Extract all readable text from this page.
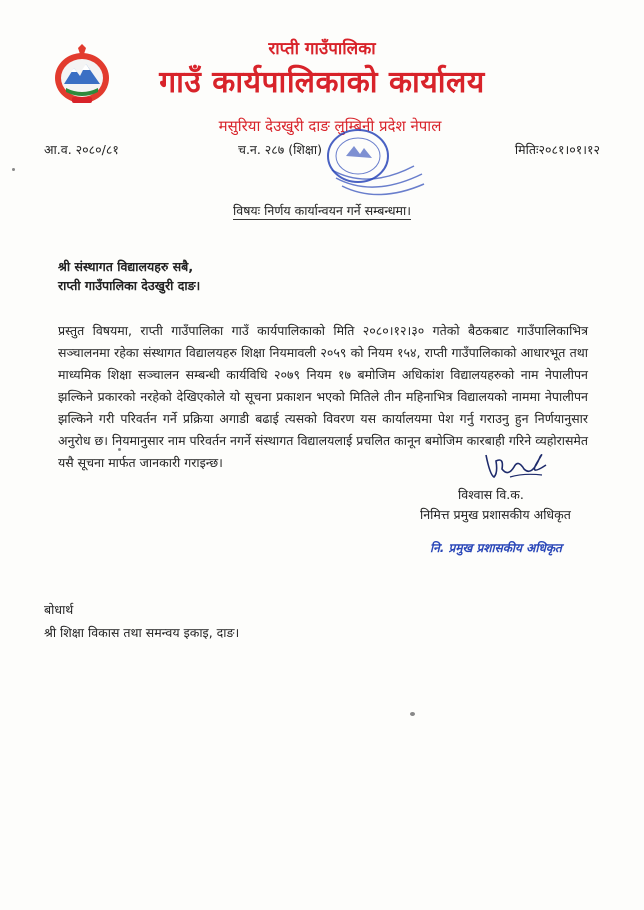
राप्ती गाउँपालिका
गाउँ कार्यपालिकाको कार्यालय
मसुरिया देउखुरी दाङ लुम्बिनी प्रदेश नेपाल
आ.व. २०८०/८१	च.न. २८७ (शिक्षा)	मितिः२०८१।०१।१२
विषयः निर्णय कार्यान्वयन गर्ने सम्बन्धमा।
श्री संस्थागत विद्यालयहरु सबै,
राप्ती गाउँपालिका देउखुरी दाङ।
प्रस्तुत विषयमा, राप्ती गाउँपालिका गाउँ कार्यपालिकाको मिति २०८०।१२।३० गतेको बैठकबाट गाउँपालिकाभित्र सञ्चालनमा रहेका संस्थागत विद्यालयहरु शिक्षा नियमावली २०५९ को नियम १५४, राप्ती गाउँपालिकाको आधारभूत तथा माध्यमिक शिक्षा सञ्चालन सम्बन्धी कार्यविधि २०७९ नियम १७ बमोजिम अधिकांश विद्यालयहरुको नाम नेपालीपन झल्किने प्रकारको नरहेको देखिएकोले यो सूचना प्रकाशन भएको मितिले तीन महिनाभित्र विद्यालयको नाममा नेपालीपन झल्किने गरी परिवर्तन गर्ने प्रक्रिया अगाडी बढाई त्यसको विवरण यस कार्यालयमा पेश गर्नु गराउनु हुन निर्णयानुसार अनुरोध छ। नियमानुसार नाम परिवर्तन नगर्ने संस्थागत विद्यालयलाई प्रचलित कानून बमोजिम कारबाही गरिने व्यहोरासमेत यसै सूचना मार्फत जानकारी गराइन्छ।
विश्वास वि.क.
निमित्त प्रमुख प्रशासकीय अधिकृत
नि. प्रमुख प्रशासकीय अधिकृत
बोधार्थ
श्री शिक्षा विकास तथा समन्वय इकाइ, दाङ।
